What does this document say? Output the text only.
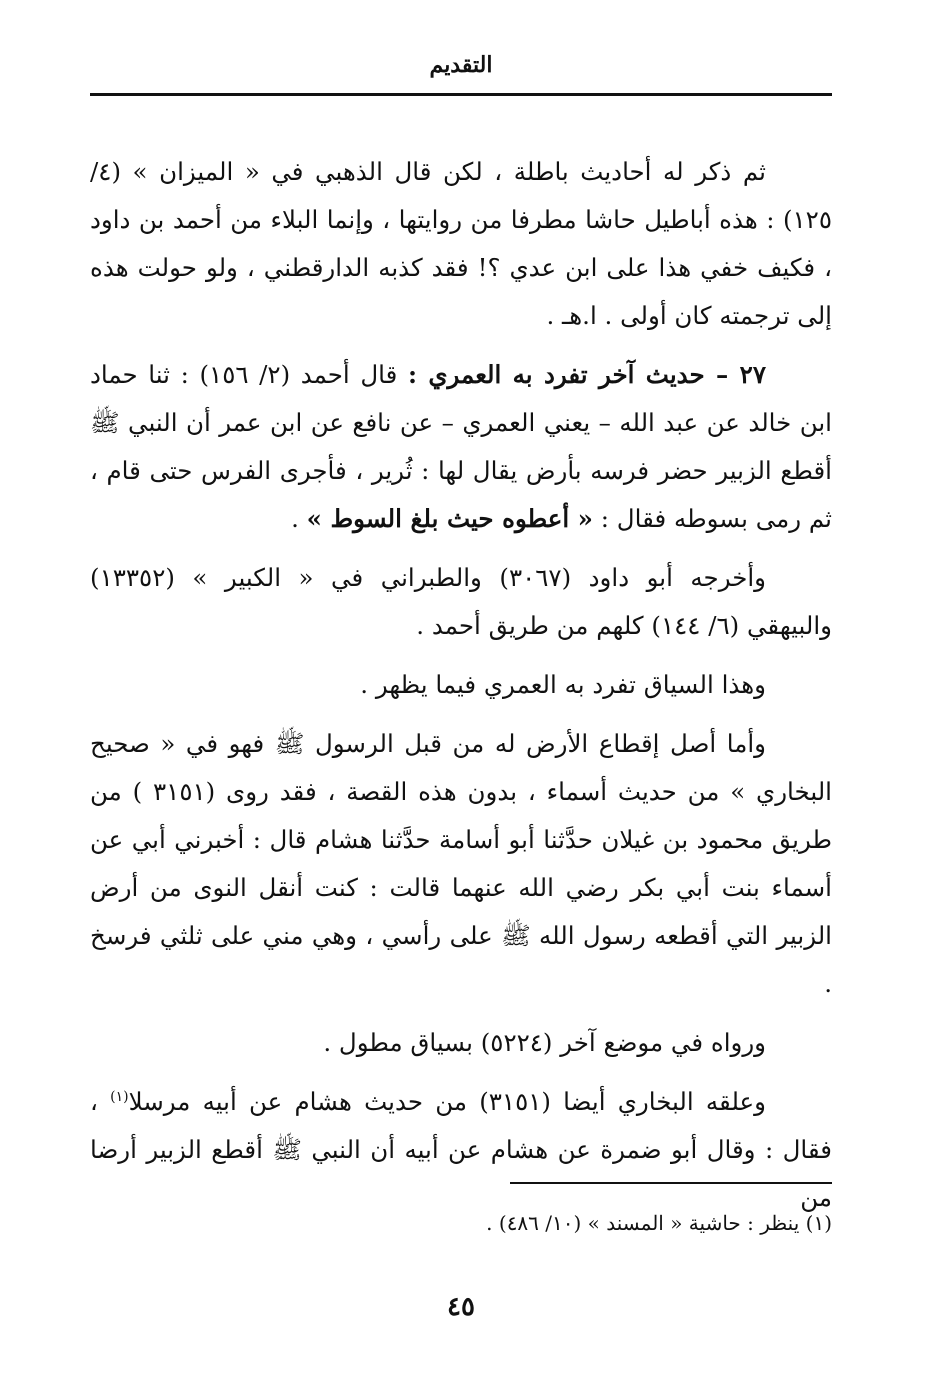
التقديم

ثم ذكر له أحاديث باطلة ، لكن قال الذهبي في « الميزان » (٤/ ١٢٥) : هذه أباطيل حاشا مطرفا من روايتها ، وإنما البلاء من أحمد بن داود ، فكيف خفي هذا على ابن عدي ؟! فقد كذبه الدارقطني ، ولو حولت هذه إلى ترجمته كان أولى . ا.هـ .

٢٧ – حديث آخر تفرد به العمري : قال أحمد (٢/ ١٥٦) : ثنا حماد ابن خالد عن عبد الله – يعني العمري – عن نافع عن ابن عمر أن النبي ﷺ أقطع الزبير حضر فرسه بأرض يقال لها : ثُرير ، فأجرى الفرس حتى قام ، ثم رمى بسوطه فقال : « أعطوه حيث بلغ السوط » .

وأخرجه أبو داود (٣٠٦٧) والطبراني في « الكبير » (١٣٣٥٢) والبيهقي (٦/ ١٤٤) كلهم من طريق أحمد .

وهذا السياق تفرد به العمري فيما يظهر .

وأما أصل إقطاع الأرض له من قبل الرسول ﷺ فهو في « صحيح البخاري » من حديث أسماء ، بدون هذه القصة ، فقد روى (٣١٥١ ) من طريق محمود بن غيلان حدَّثنا أبو أسامة حدَّثنا هشام قال : أخبرني أبي عن أسماء بنت أبي بكر رضي الله عنهما قالت : كنت أنقل النوى من أرض الزبير التي أقطعه رسول الله ﷺ على رأسي ، وهي مني على ثلثي فرسخ .

ورواه في موضع آخر (٥٢٢٤) بسياق مطول .

وعلقه البخاري أيضا (٣١٥١) من حديث هشام عن أبيه مرسلا$^{(١)}$ ، فقال : وقال أبو ضمرة عن هشام عن أبيه أن النبي ﷺ أقطع الزبير أرضا من

(١) ينظر : حاشية « المسند » (١٠/ ٤٨٦) .
٤٥
